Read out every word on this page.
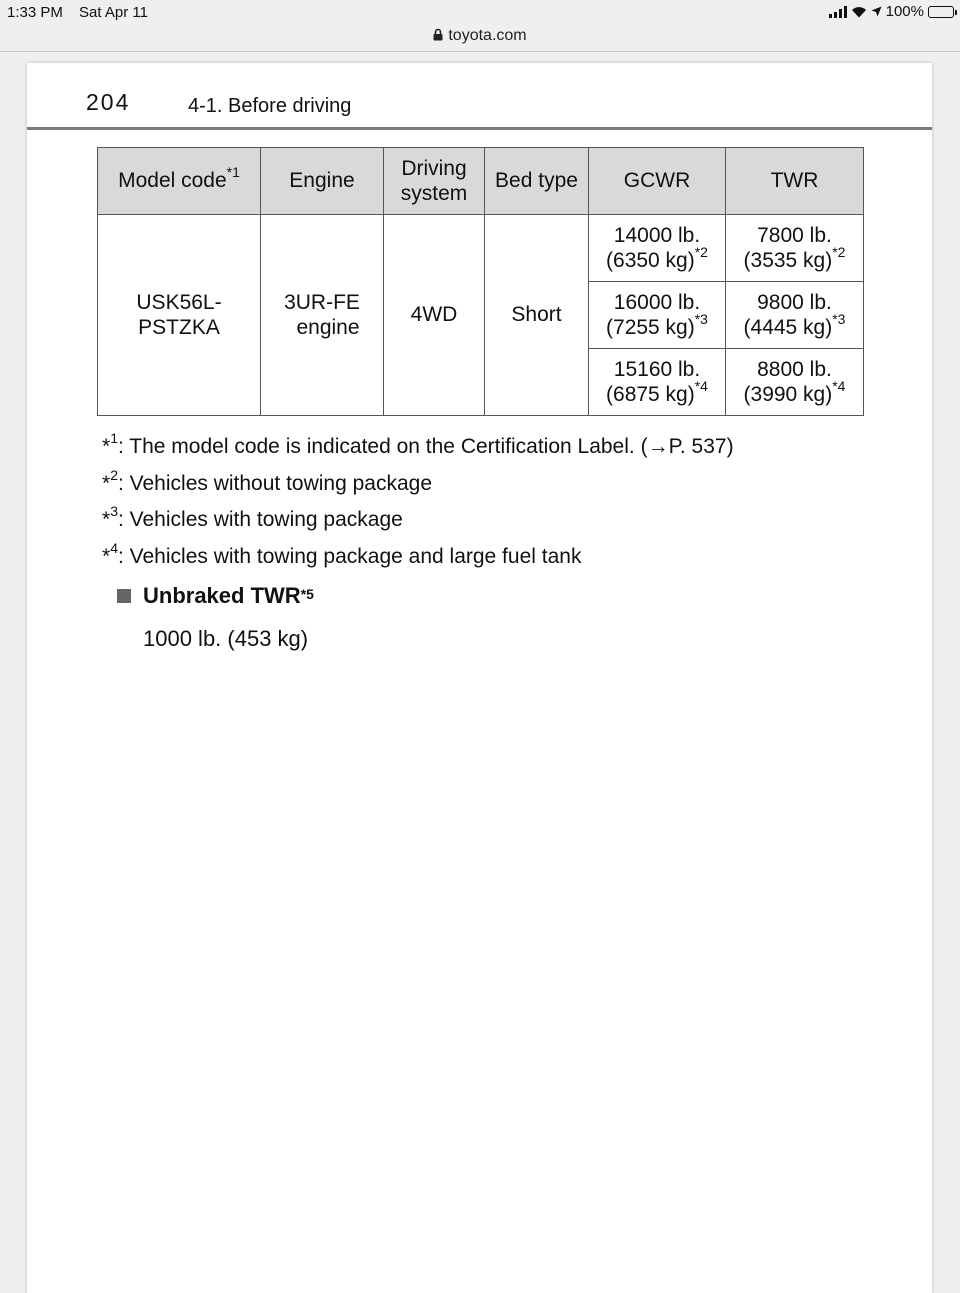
1:33 PM Sat Apr 11	100%
toyota.com
204	4-1. Before driving
Model code$^{*1}$	Engine	Driving
system	Bed type	GCWR	TWR

USK56L-
PSTZKA	3UR-FE
engine	4WD	Short	14000 lb.
(6350 kg)$^{*2}$	7800 lb.
(3535 kg)$^{*2}$

				16000 lb.
(7255 kg)$^{*3}$	9800 lb.
(4445 kg)$^{*3}$

				15160 lb.
(6875 kg)$^{*4}$	8800 lb.
(3990 kg)$^{*4}$
*$^1$: The model code is indicated on the Certification Label. (→P. 537)
*$^2$: Vehicles without towing package
*$^3$: Vehicles with towing package
*$^4$: Vehicles with towing package and large fuel tank
Unbraked TWR$^{*5}$
1000 lb. (453 kg)
